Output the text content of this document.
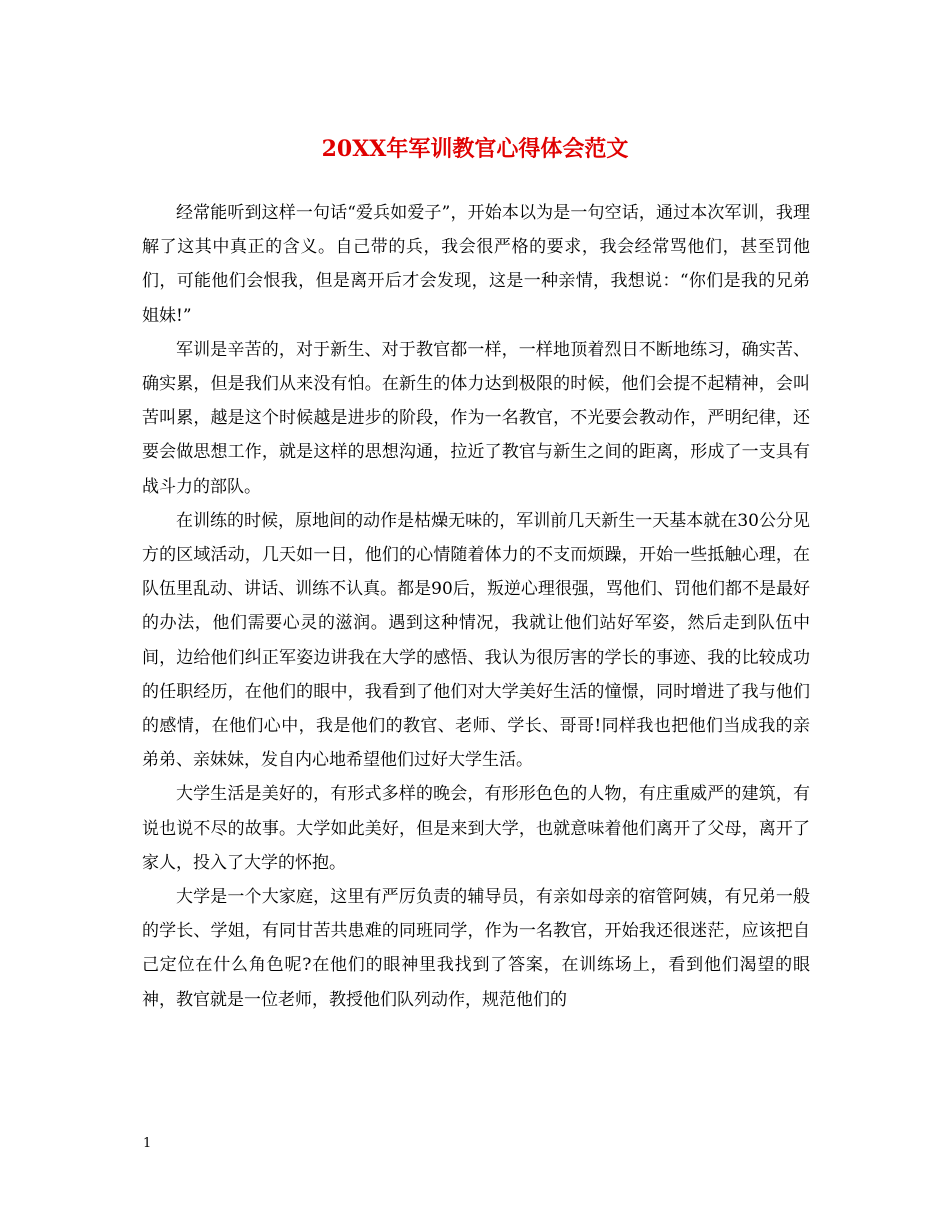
20XX年军训教官心得体会范文

经常能听到这样一句话“爱兵如爱子”，开始本以为是一句空话，通过本次军训，我理解了这其中真正的含义。自己带的兵，我会很严格的要求，我会经常骂他们，甚至罚他们，可能他们会恨我，但是离开后才会发现，这是一种亲情，我想说：“你们是我的兄弟姐妹!”

军训是辛苦的，对于新生、对于教官都一样，一样地顶着烈日不断地练习，确实苦、确实累，但是我们从来没有怕。在新生的体力达到极限的时候，他们会提不起精神，会叫苦叫累，越是这个时候越是进步的阶段，作为一名教官，不光要会教动作，严明纪律，还要会做思想工作，就是这样的思想沟通，拉近了教官与新生之间的距离，形成了一支具有战斗力的部队。

在训练的时候，原地间的动作是枯燥无味的，军训前几天新生一天基本就在30公分见方的区域活动，几天如一日，他们的心情随着体力的不支而烦躁，开始一些抵触心理，在队伍里乱动、讲话、训练不认真。都是90后，叛逆心理很强，骂他们、罚他们都不是最好的办法，他们需要心灵的滋润。遇到这种情况，我就让他们站好军姿，然后走到队伍中间，边给他们纠正军姿边讲我在大学的感悟、我认为很厉害的学长的事迹、我的比较成功的任职经历，在他们的眼中，我看到了他们对大学美好生活的憧憬，同时增进了我与他们的感情，在他们心中，我是他们的教官、老师、学长、哥哥!同样我也把他们当成我的亲弟弟、亲妹妹，发自内心地希望他们过好大学生活。

大学生活是美好的，有形式多样的晚会，有形形色色的人物，有庄重威严的建筑，有说也说不尽的故事。大学如此美好，但是来到大学，也就意味着他们离开了父母，离开了家人，投入了大学的怀抱。

大学是一个大家庭，这里有严厉负责的辅导员，有亲如母亲的宿管阿姨，有兄弟一般的学长、学姐，有同甘苦共患难的同班同学，作为一名教官，开始我还很迷茫，应该把自己定位在什么角色呢?在他们的眼神里我找到了答案，在训练场上，看到他们渴望的眼神，教官就是一位老师，教授他们队列动作，规范他们的

1
